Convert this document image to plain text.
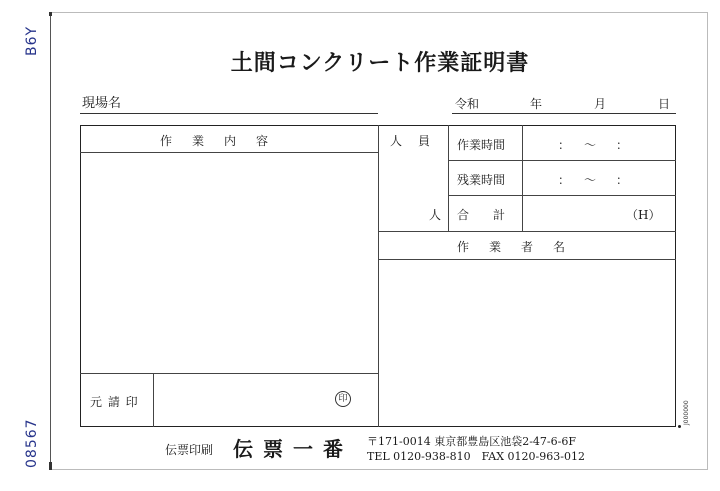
B6Y
08567
土間コンクリート作業証明書
現場名	令和	年	月	日
作　業　内　容	人　員
人
作業時間	：　〜　：
残業時間	：　〜　：
合　　計	（H）
作　業　者　名
元 請 印	印
J000000
伝票印刷 伝票一番 〒171-0014 東京都豊島区池袋2-47-6-6F
TEL 0120-938-810　FAX 0120-963-012
